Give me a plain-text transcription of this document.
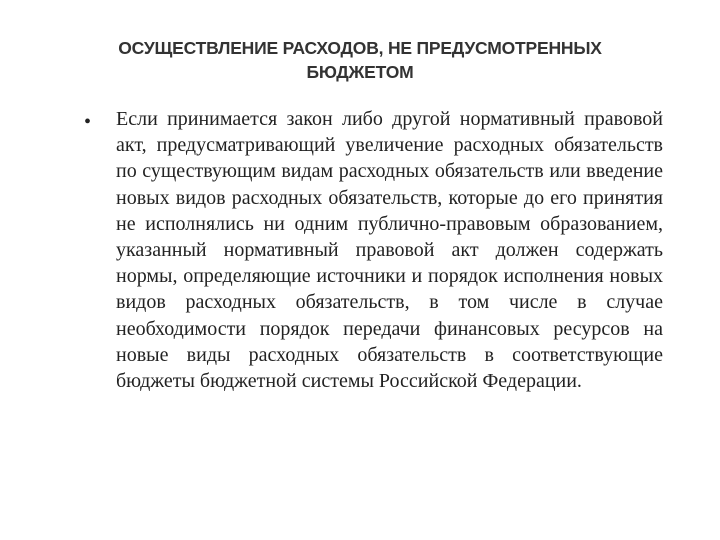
ОСУЩЕСТВЛЕНИЕ РАСХОДОВ, НЕ ПРЕДУСМОТРЕННЫХ
БЮДЖЕТОМ
• Если принимается закон либо другой нормативный правовой акт, предусматривающий увеличение расходных обязательств по существующим видам расходных обязательств или введение новых видов расходных обязательств, которые до его принятия не исполнялись ни одним публично-правовым образованием, указанный нормативный правовой акт должен содержать нормы, определяющие источники и порядок исполнения новых видов расходных обязательств, в том числе в случае необходимости порядок передачи финансовых ресурсов на новые виды расходных обязательств в соответствующие бюджеты бюджетной системы Российской Федерации.
